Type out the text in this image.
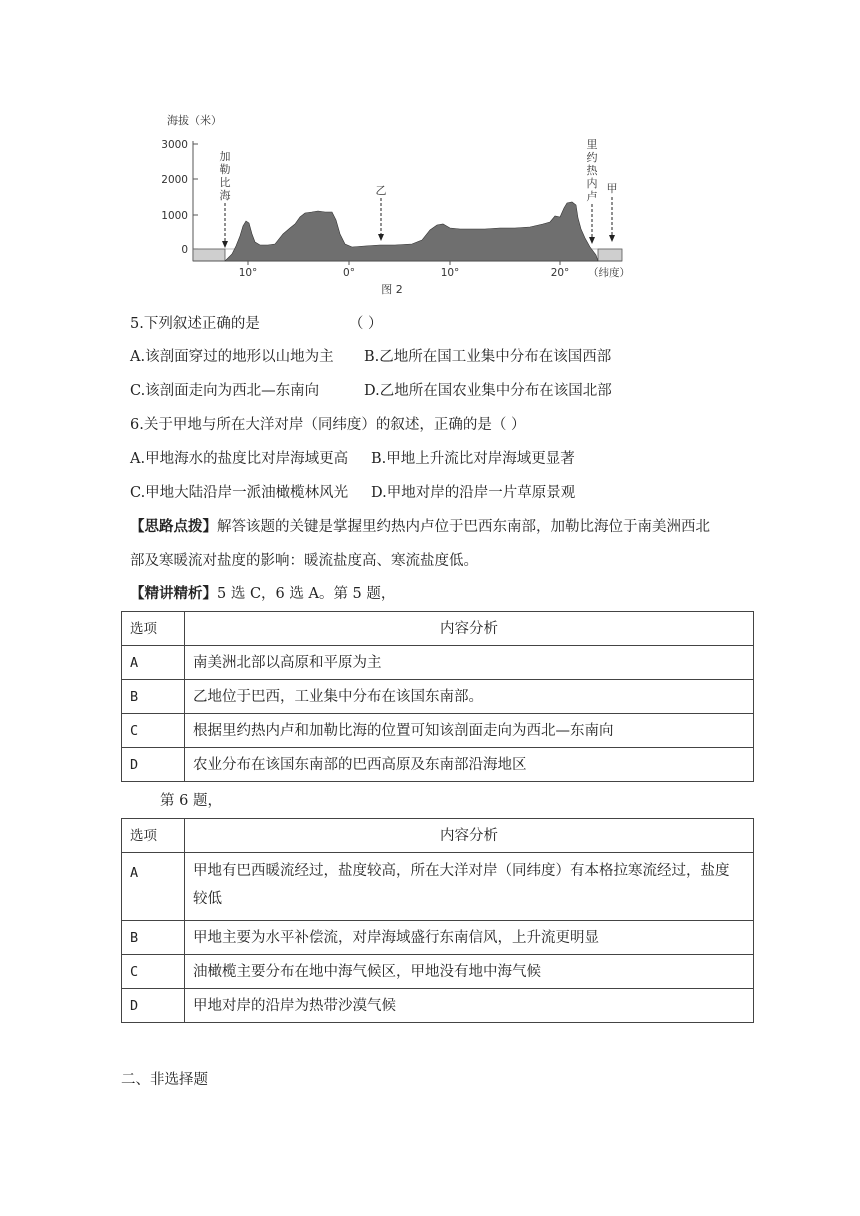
海拔（米）
3000
2000
1000
0
10°	0°	10°	20° （纬度）
加
勒
比
海	乙
里
约
热
内
卢
甲
图 2
5.下列叙述正确的是	（ ）
A.该剖面穿过的地形以山地为主 B.乙地所在国工业集中分布在该国西部
C.该剖面走向为西北—东南向	D.乙地所在国农业集中分布在该国北部
6.关于甲地与所在大洋对岸（同纬度）的叙述，正确的是（ ）
A.甲地海水的盐度比对岸海域更高 B.甲地上升流比对岸海域更显著
C.甲地大陆沿岸一派油橄榄林风光 D.甲地对岸的沿岸一片草原景观
【思路点拨】解答该题的关键是掌握里约热内卢位于巴西东南部，加勒比海位于南美洲西北
部及寒暖流对盐度的影响：暖流盐度高、寒流盐度低。
【精讲精析】5 选 C，6 选 A。第 5 题，
选项	内容分析
A	南美洲北部以高原和平原为主
B	乙地位于巴西，工业集中分布在该国东南部。
C	根据里约热内卢和加勒比海的位置可知该剖面走向为西北—东南向
D	农业分布在该国东南部的巴西高原及东南部沿海地区
第 6 题，
选项	内容分析
A	甲地有巴西暖流经过，盐度较高，所在大洋对岸（同纬度）有本格拉寒流经过，盐度
较低

B	甲地主要为水平补偿流，对岸海域盛行东南信风，上升流更明显
C	油橄榄主要分布在地中海气候区，甲地没有地中海气候
D	甲地对岸的沿岸为热带沙漠气候
二、非选择题
